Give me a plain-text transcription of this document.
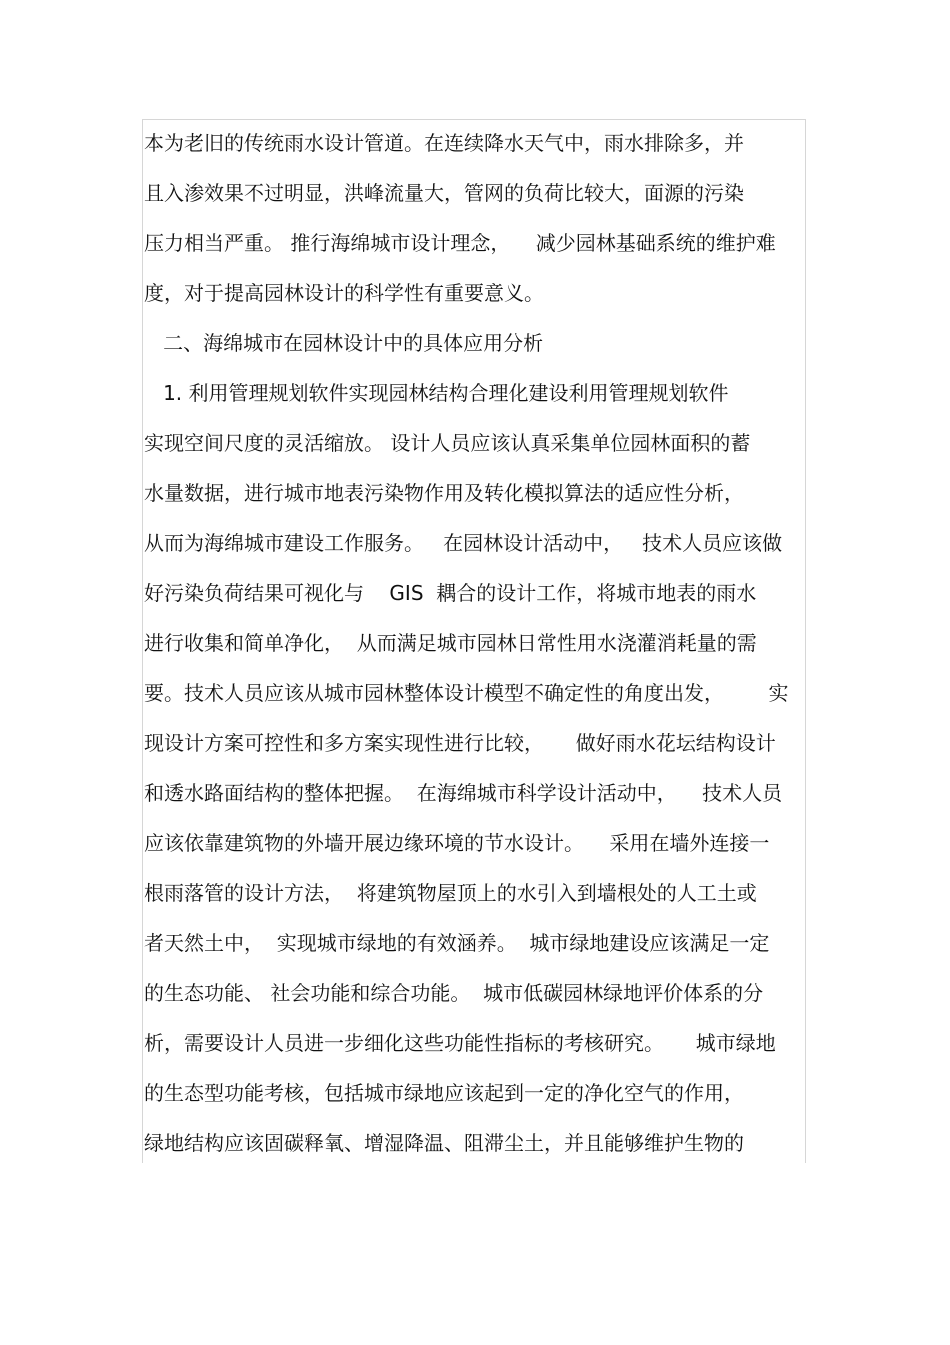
本为老旧的传统雨水设计管道。在连续降水天气中，雨水排除多，并
且入渗效果不过明显，洪峰流量大，管网的负荷比较大，面源的污染
压力相当严重。 推行海绵城市设计理念，    减少园林基础系统的维护难
度，对于提高园林设计的科学性有重要意义。
二、海绵城市在园林设计中的具体应用分析
1. 利用管理规划软件实现园林结构合理化建设利用管理规划软件
实现空间尺度的灵活缩放。 设计人员应该认真采集单位园林面积的蓄
水量数据，进行城市地表污染物作用及转化模拟算法的适应性分析，
从而为海绵城市建设工作服务。   在园林设计活动中，   技术人员应该做
好污染负荷结果可视化与    GIS  耦合的设计工作，将城市地表的雨水
进行收集和简单净化，  从而满足城市园林日常性用水浇灌消耗量的需
要。技术人员应该从城市园林整体设计模型不确定性的角度出发，       实
现设计方案可控性和多方案实现性进行比较，     做好雨水花坛结构设计
和透水路面结构的整体把握。  在海绵城市科学设计活动中，    技术人员
应该依靠建筑物的外墙开展边缘环境的节水设计。    采用在墙外连接一
根雨落管的设计方法，  将建筑物屋顶上的水引入到墙根处的人工土或
者天然土中，  实现城市绿地的有效涵养。  城市绿地建设应该满足一定
的生态功能、 社会功能和综合功能。  城市低碳园林绿地评价体系的分
析，需要设计人员进一步细化这些功能性指标的考核研究。     城市绿地
的生态型功能考核，包括城市绿地应该起到一定的净化空气的作用，
绿地结构应该固碳释氧、增湿降温、阻滞尘土，并且能够维护生物的
